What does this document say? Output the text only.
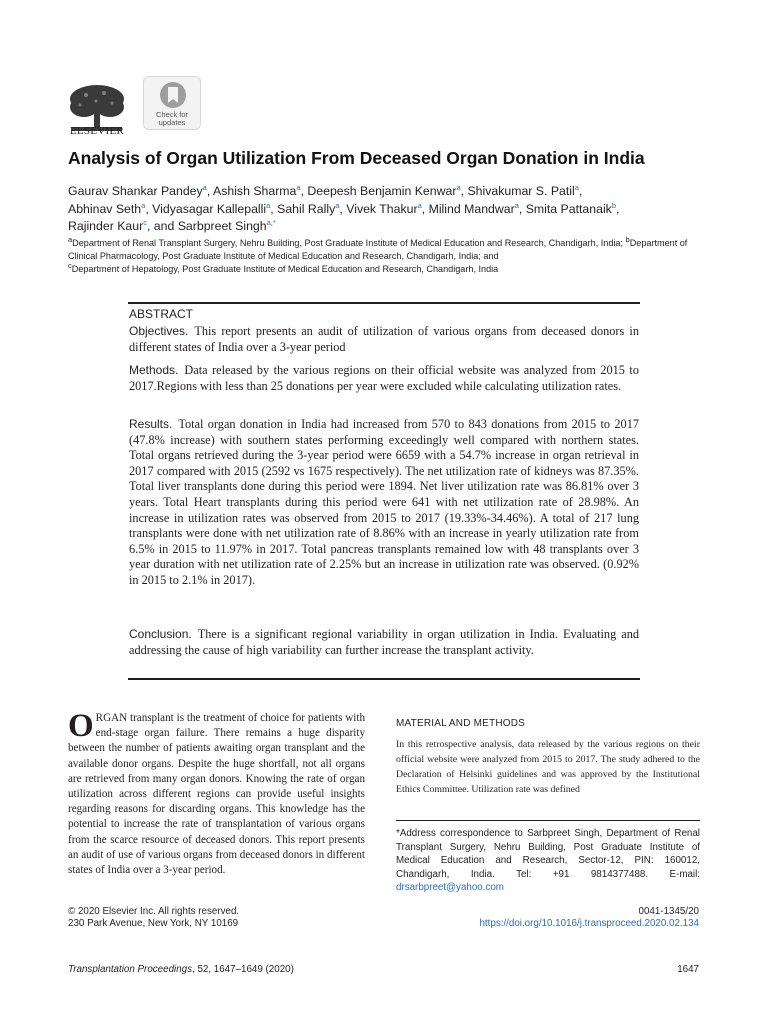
ELSEVIER
Check for
updates
Analysis of Organ Utilization From Deceased Organ Donation in India
Gaurav Shankar Pandey$^a$, Ashish Sharma$^a$, Deepesh Benjamin Kenwar$^a$, Shivakumar S. Patil$^a$,
Abhinav Seth$^a$, Vidyasagar Kallepalli$^a$, Sahil Rally$^a$, Vivek Thakur$^a$, Milind Mandwar$^a$, Smita Pattanaik$^b$,
Rajinder Kaur$^c$, and Sarbpreet Singh$^{a,*}$
$^a$Department of Renal Transplant Surgery, Nehru Building, Post Graduate Institute of Medical Education and Research, Chandigarh, India; $^b$Department of Clinical Pharmacology, Post Graduate Institute of Medical Education and Research, Chandigarh, India; and
$^c$Department of Hepatology, Post Graduate Institute of Medical Education and Research, Chandigarh, India
ABSTRACT
Objectives. This report presents an audit of utilization of various organs from deceased donors in different states of India over a 3-year period
Methods. Data released by the various regions on their official website was analyzed from 2015 to 2017.Regions with less than 25 donations per year were excluded while calculating utilization rates.
Results. Total organ donation in India had increased from 570 to 843 donations from 2015 to 2017 (47.8% increase) with southern states performing exceedingly well compared with northern states. Total organs retrieved during the 3-year period were 6659 with a 54.7% increase in organ retrieval in 2017 compared with 2015 (2592 vs 1675 respectively). The net utilization rate of kidneys was 87.35%. Total liver transplants done during this period were 1894. Net liver utilization rate was 86.81% over 3 years. Total Heart transplants during this period were 641 with net utilization rate of 28.98%. An increase in utilization rates was observed from 2015 to 2017 (19.33%-34.46%). A total of 217 lung transplants were done with net utilization rate of 8.86% with an increase in yearly utilization rate from 6.5% in 2015 to 11.97% in 2017. Total pancreas transplants remained low with 48 transplants over 3 year duration with net utilization rate of 2.25% but an increase in utilization rate was observed. (0.92% in 2015 to 2.1% in 2017).
Conclusion. There is a significant regional variability in organ utilization in India. Evaluating and addressing the cause of high variability can further increase the transplant activity.
ORGAN transplant is the treatment of choice for patients with end-stage organ failure. There remains a huge disparity between the number of patients awaiting organ transplant and the available donor organs. Despite the huge shortfall, not all organs are retrieved from many organ donors. Knowing the rate of organ utilization across different regions can provide useful insights regarding reasons for discarding organs. This knowledge has the potential to increase the rate of transplantation of various organs from the scarce resource of deceased donors. This report presents an audit of use of various organs from deceased donors in different states of India over a 3-year period.
MATERIAL AND METHODS
In this retrospective analysis, data released by the various regions on their official website were analyzed from 2015 to 2017. The study adhered to the Declaration of Helsinki guidelines and was approved by the Institutional Ethics Committee. Utilization rate was defined
*Address correspondence to Sarbpreet Singh, Department of Renal Transplant Surgery, Nehru Building, Post Graduate Institute of Medical Education and Research, Sector-12, PIN: 160012, Chandigarh, India. Tel: +91 9814377488. E-mail: drsarbpreet@yahoo.com
© 2020 Elsevier Inc. All rights reserved.
230 Park Avenue, New York, NY 10169
0041-1345/20
https://doi.org/10.1016/j.transproceed.2020.02.134
Transplantation Proceedings, 52, 1647–1649 (2020)	1647
